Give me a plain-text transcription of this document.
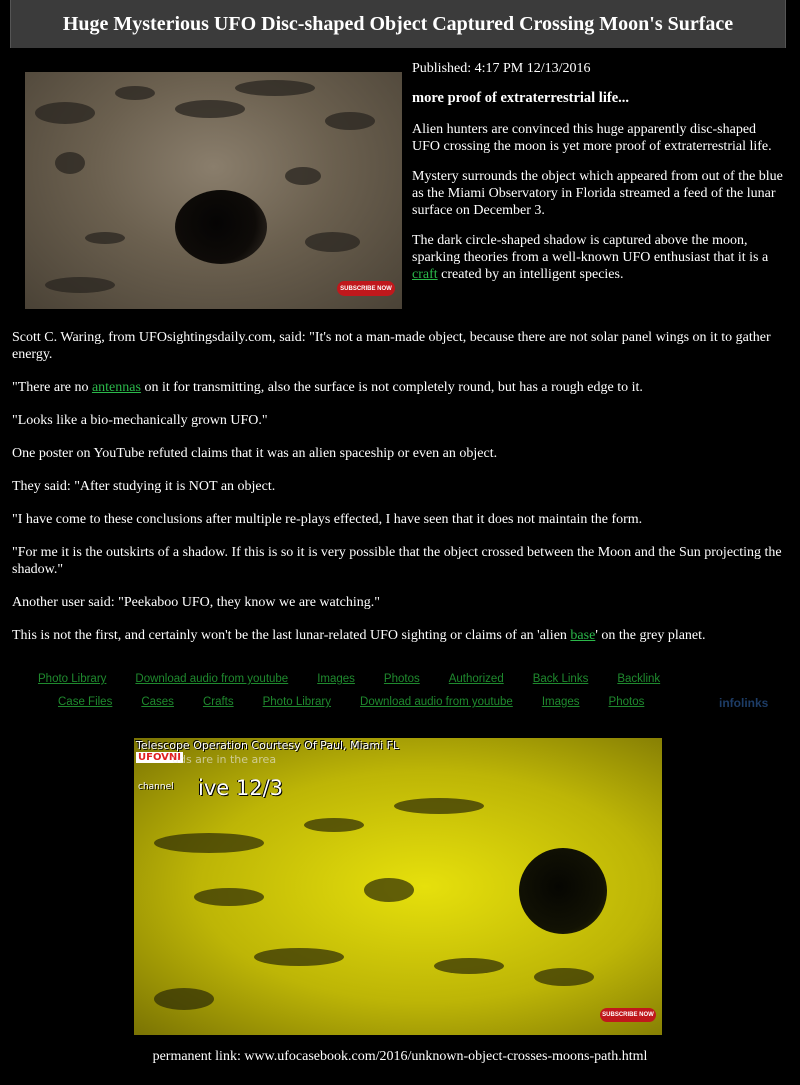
Huge Mysterious UFO Disc-shaped Object Captured Crossing Moon's Surface
SUBSCRIBE NOW

Published: 4:17 PM 12/13/2016

more proof of extraterrestrial life...

Alien hunters are convinced this huge apparently disc-shaped UFO crossing the moon is yet more proof of extraterrestrial life.

Mystery surrounds the object which appeared from out of the blue as the Miami Observatory in Florida streamed a feed of the lunar surface on December 3.

The dark circle-shaped shadow is captured above the moon, sparking theories from a well-known UFO enthusiast that it is a craft created by an intelligent species.

Scott C. Waring, from UFOsightingsdaily.com, said: "It's not a man-made object, because there are not solar panel wings on it to gather energy.

"There are no antennas on it for transmitting, also the surface is not completely round, but has a rough edge to it.

"Looks like a bio-mechanically grown UFO."

One poster on YouTube refuted claims that it was an alien spaceship or even an object.

They said: "After studying it is NOT an object.

"I have come to these conclusions after multiple re-plays effected, I have seen that it does not maintain the form.

"For me it is the outskirts of a shadow. If this is so it is very possible that the object crossed between the Moon and the Sun projecting the shadow."

Another user said: "Peekaboo UFO, they know we are watching."

This is not the first, and certainly won't be the last lunar-related UFO sighting or claims of an 'alien base' on the grey planet.

Photo Library	Download audio from youtube	Images	Photos	Authorized	Back Links	Backlink
Case Files	Cases	Crafts	Photo Library	Download audio from youtube	Images	Photos	infolinks
Telescope Operation Courtesy Of Paul, Miami FL
UFOVNI
uds are in the area
channel ive 12/3
SUBSCRIBE NOW
permanent link: www.ufocasebook.com/2016/unknown-object-crosses-moons-path.html
